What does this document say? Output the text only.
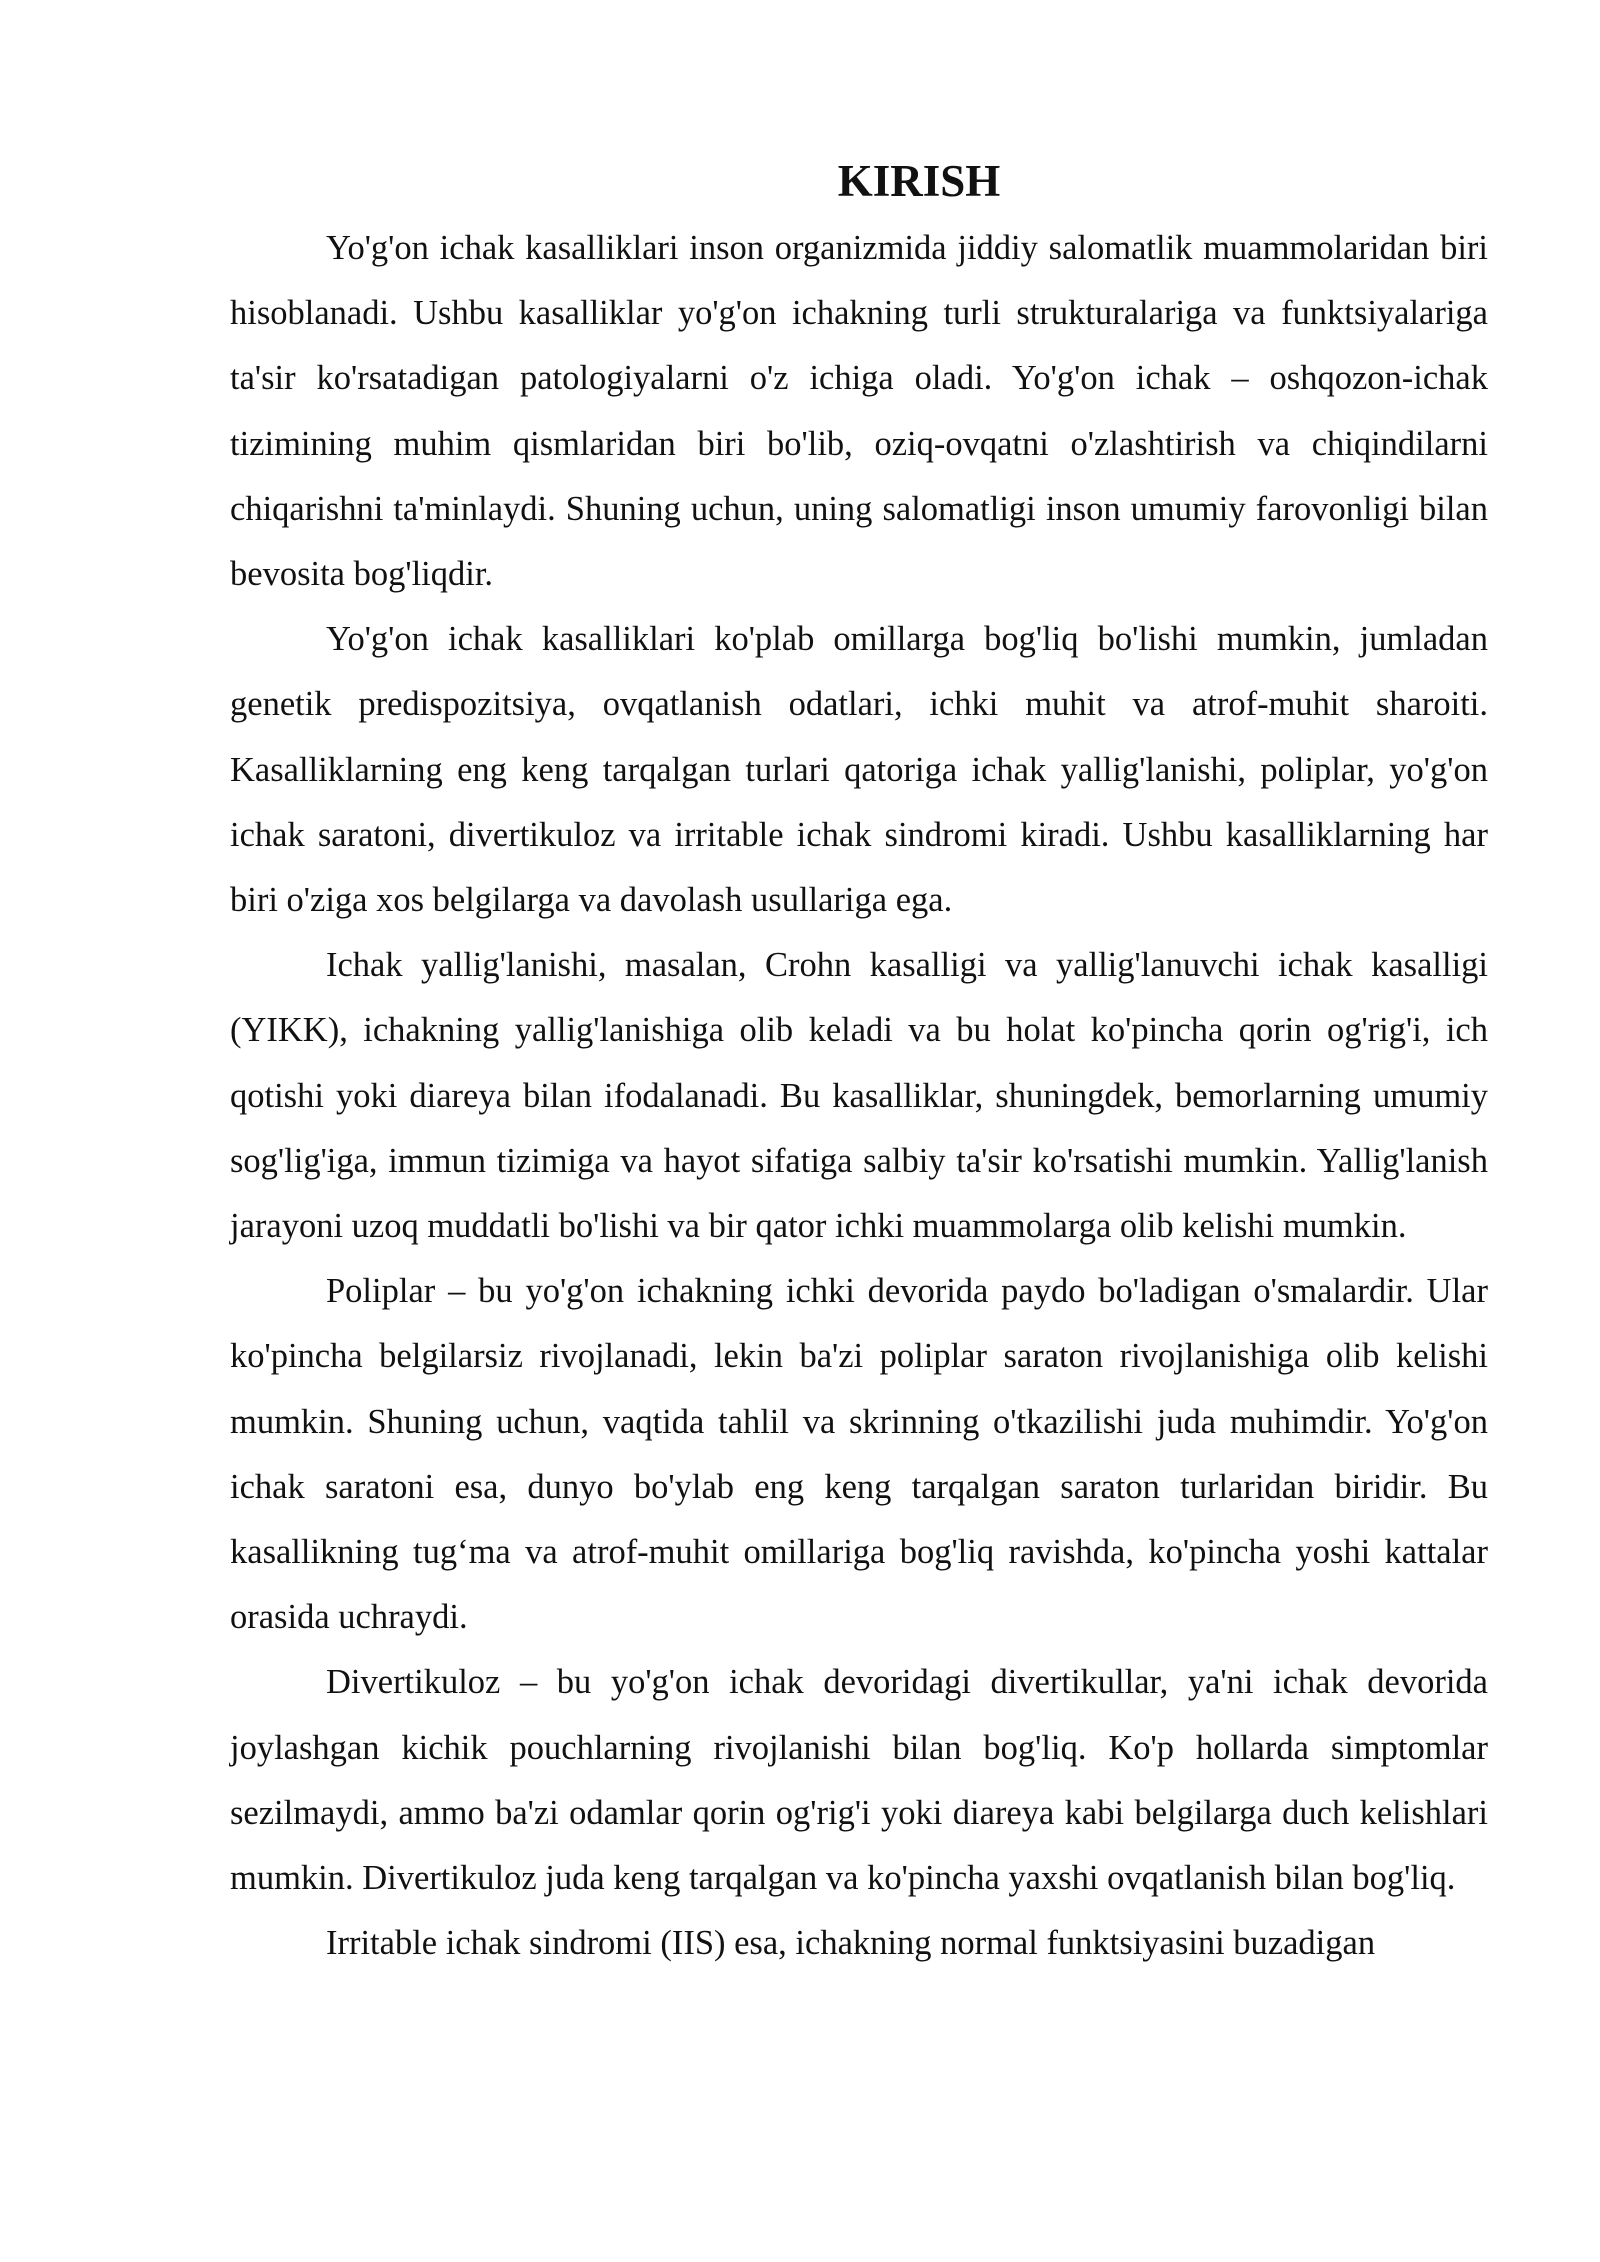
KIRISH

Yo'g'on ichak kasalliklari inson organizmida jiddiy salomatlik muammolaridan biri hisoblanadi. Ushbu kasalliklar yo'g'on ichakning turli strukturalariga va funktsiyalariga ta'sir ko'rsatadigan patologiyalarni o'z ichiga oladi. Yo'g'on ichak – oshqozon-ichak tizimining muhim qismlaridan biri bo'lib, oziq-ovqatni o'zlashtirish va chiqindilarni chiqarishni ta'minlaydi. Shuning uchun, uning salomatligi inson umumiy farovonligi bilan bevosita bog'liqdir.

Yo'g'on ichak kasalliklari ko'plab omillarga bog'liq bo'lishi mumkin, jumladan genetik predispozitsiya, ovqatlanish odatlari, ichki muhit va atrof-muhit sharoiti. Kasalliklarning eng keng tarqalgan turlari qatoriga ichak yallig'lanishi, poliplar, yo'g'on ichak saratoni, divertikuloz va irritable ichak sindromi kiradi. Ushbu kasalliklarning har biri o'ziga xos belgilarga va davolash usullariga ega.

Ichak yallig'lanishi, masalan, Crohn kasalligi va yallig'lanuvchi ichak kasalligi (YIKK), ichakning yallig'lanishiga olib keladi va bu holat ko'pincha qorin og'rig'i, ich qotishi yoki diareya bilan ifodalanadi. Bu kasalliklar, shuningdek, bemorlarning umumiy sog'lig'iga, immun tizimiga va hayot sifatiga salbiy ta'sir ko'rsatishi mumkin. Yallig'lanish jarayoni uzoq muddatli bo'lishi va bir qator ichki muammolarga olib kelishi mumkin.

Poliplar – bu yo'g'on ichakning ichki devorida paydo bo'ladigan o'smalardir. Ular ko'pincha belgilarsiz rivojlanadi, lekin ba'zi poliplar saraton rivojlanishiga olib kelishi mumkin. Shuning uchun, vaqtida tahlil va skrinning o'tkazilishi juda muhimdir. Yo'g'on ichak saratoni esa, dunyo bo'ylab eng keng tarqalgan saraton turlaridan biridir. Bu kasallikning tug‘ma va atrof-muhit omillariga bog'liq ravishda, ko'pincha yoshi kattalar orasida uchraydi.

Divertikuloz – bu yo'g'on ichak devoridagi divertikullar, ya'ni ichak devorida joylashgan kichik pouchlarning rivojlanishi bilan bog'liq. Ko'p hollarda simptomlar sezilmaydi, ammo ba'zi odamlar qorin og'rig'i yoki diareya kabi belgilarga duch kelishlari mumkin. Divertikuloz juda keng tarqalgan va ko'pincha yaxshi ovqatlanish bilan bog'liq.

Irritable ichak sindromi (IIS) esa, ichakning normal funktsiyasini buzadigan
